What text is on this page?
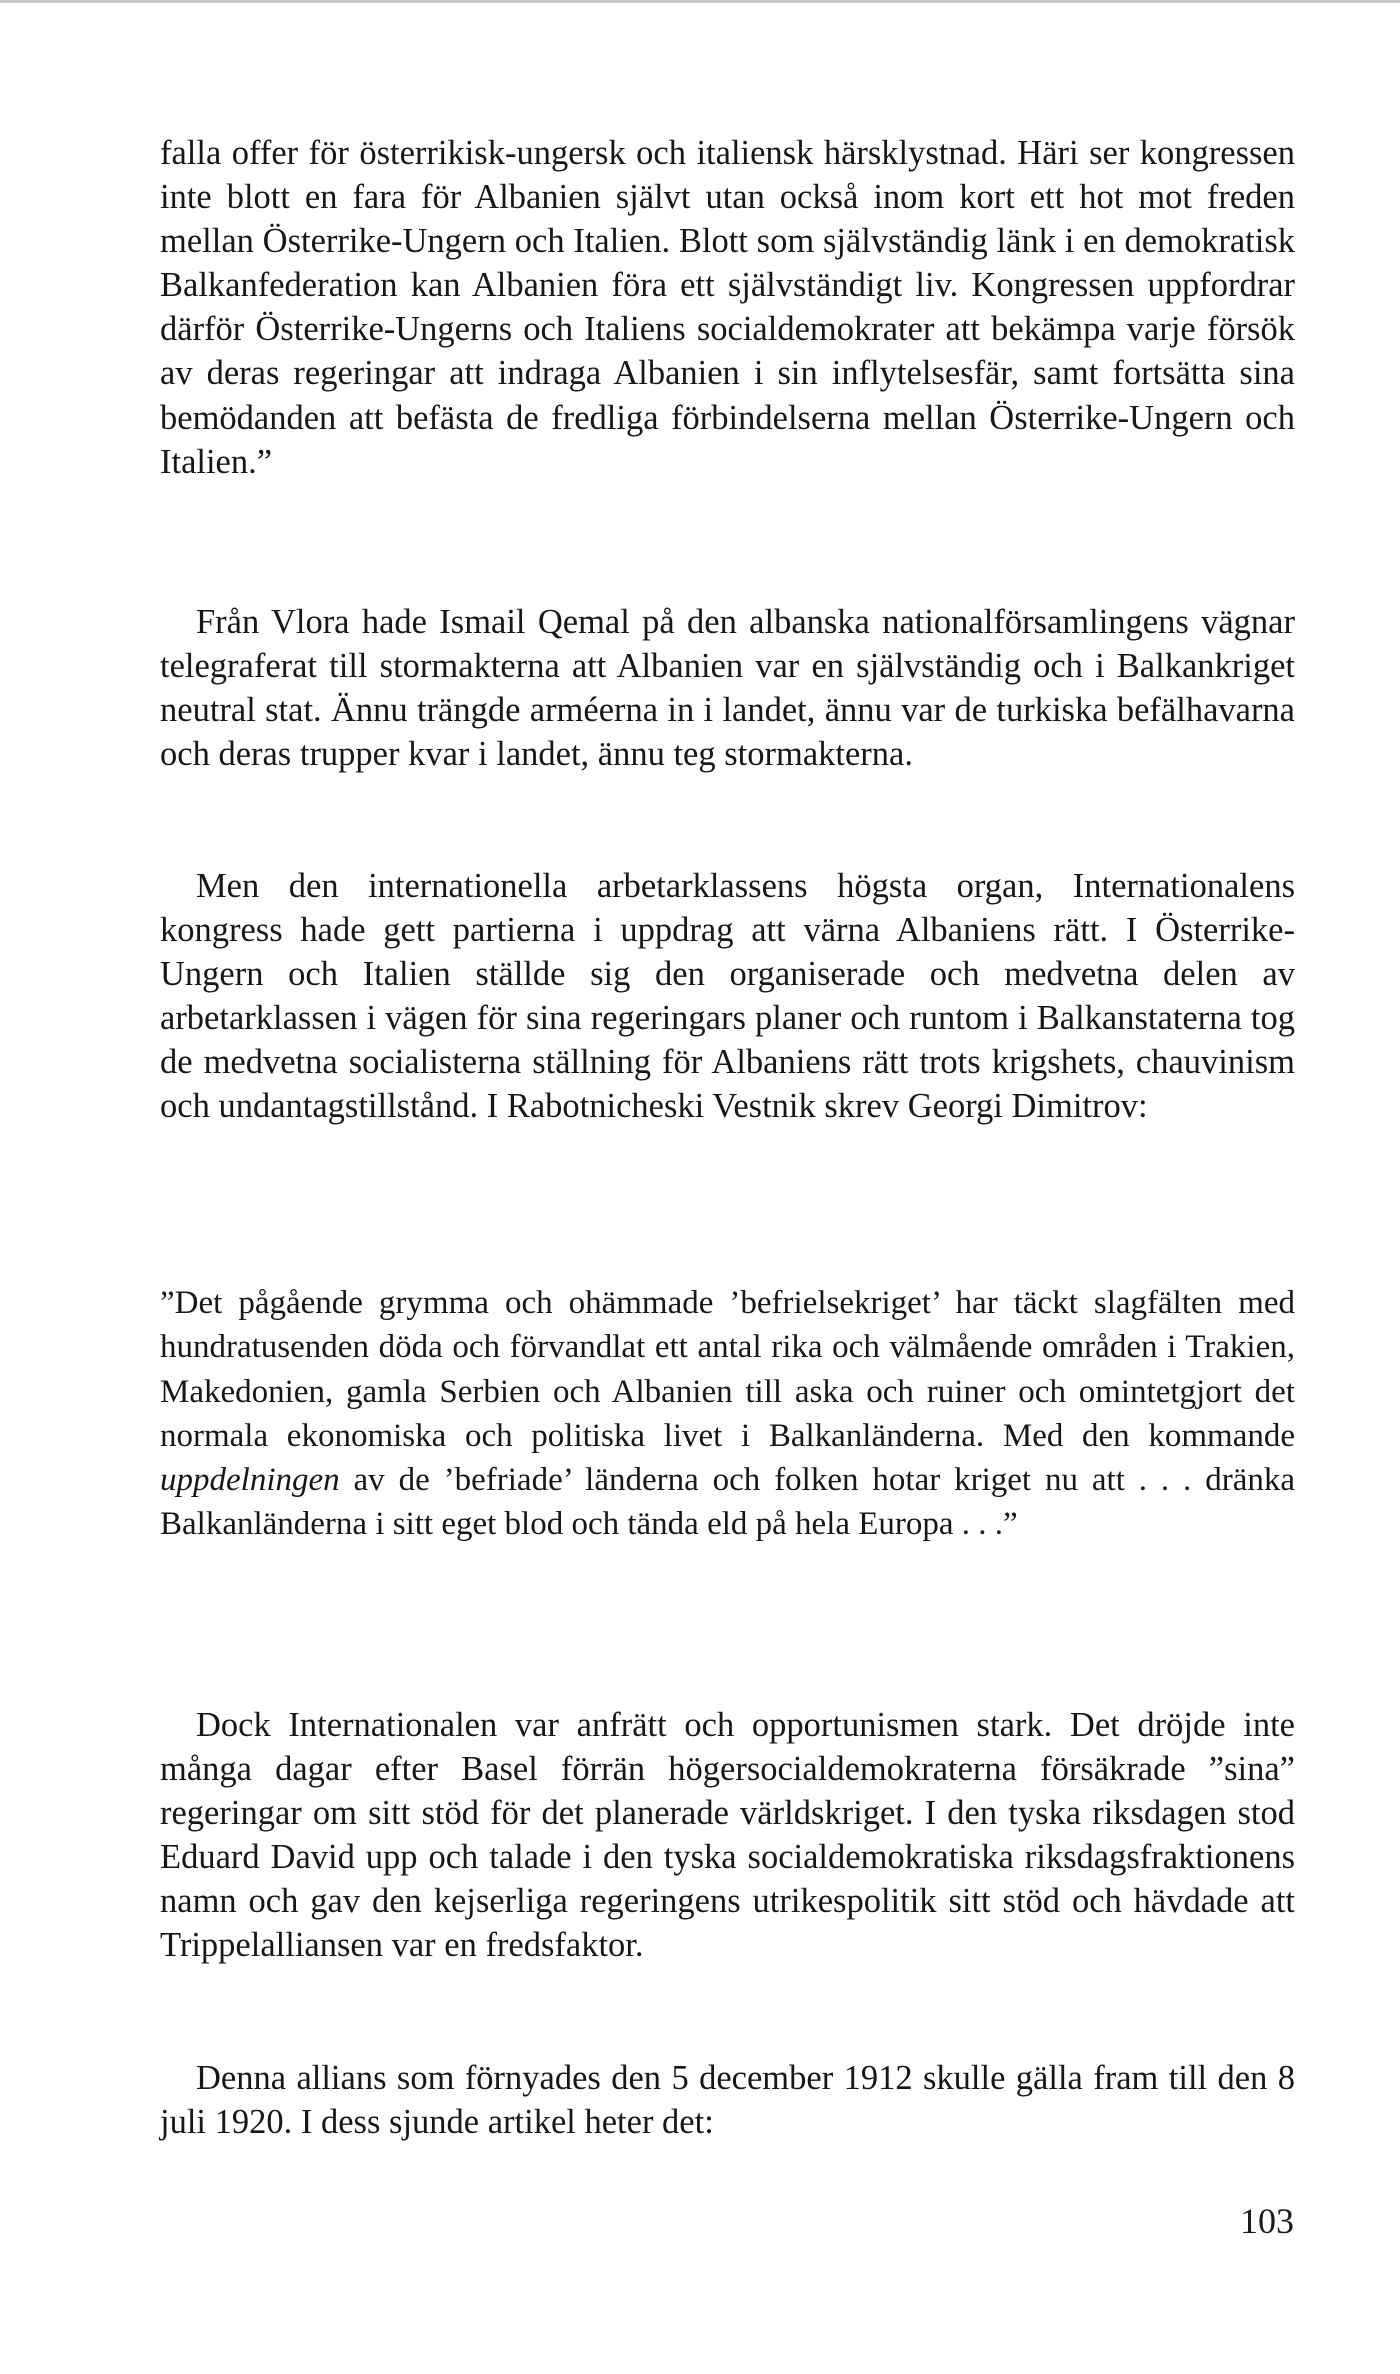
falla offer för österrikisk-ungersk och italiensk härsklystnad. Häri ser kongressen inte blott en fara för Albanien självt utan också inom kort ett hot mot freden mellan Österrike-Ungern och Italien. Blott som självständig länk i en demokratisk Balkanfederation kan Albanien föra ett självständigt liv. Kongressen uppfordrar därför Österrike-Ungerns och Italiens socialdemokrater att bekämpa varje försök av deras regeringar att indraga Albanien i sin inflytelsesfär, samt fortsätta sina bemödanden att befästa de fredliga förbindelserna mellan Österrike-Ungern och Italien.”

Från Vlora hade Ismail Qemal på den albanska nationalförsamlingens vägnar telegraferat till stormakterna att Albanien var en självständig och i Balkankriget neutral stat. Ännu trängde arméerna in i landet, ännu var de turkiska befälhavarna och deras trupper kvar i landet, ännu teg stormakterna.

Men den internationella arbetarklassens högsta organ, Internationalens kongress hade gett partierna i uppdrag att värna Albaniens rätt. I Österrike-Ungern och Italien ställde sig den organiserade och medvetna delen av arbetarklassen i vägen för sina regeringars planer och runtom i Balkanstaterna tog de medvetna socialisterna ställning för Albaniens rätt trots krigshets, chauvinism och undantagstillstånd. I Rabotnicheski Vestnik skrev Georgi Dimitrov:

”Det pågående grymma och ohämmade ’befrielsekriget’ har täckt slagfälten med hundratusenden döda och förvandlat ett antal rika och välmående områden i Trakien, Makedonien, gamla Serbien och Albanien till aska och ruiner och omintetgjort det normala ekonomiska och politiska livet i Balkanländerna. Med den kommande uppdelningen av de ’befriade’ länderna och folken hotar kriget nu att . . . dränka Balkanländerna i sitt eget blod och tända eld på hela Europa . . .”

Dock Internationalen var anfrätt och opportunismen stark. Det dröjde inte många dagar efter Basel förrän högersocialdemokraterna försäkrade ”sina” regeringar om sitt stöd för det planerade världskriget. I den tyska riksdagen stod Eduard David upp och talade i den tyska socialdemokratiska riksdagsfraktionens namn och gav den kejserliga regeringens utrikespolitik sitt stöd och hävdade att Trippelalliansen var en fredsfaktor.

Denna allians som förnyades den 5 december 1912 skulle gälla fram till den 8 juli 1920. I dess sjunde artikel heter det:

103
